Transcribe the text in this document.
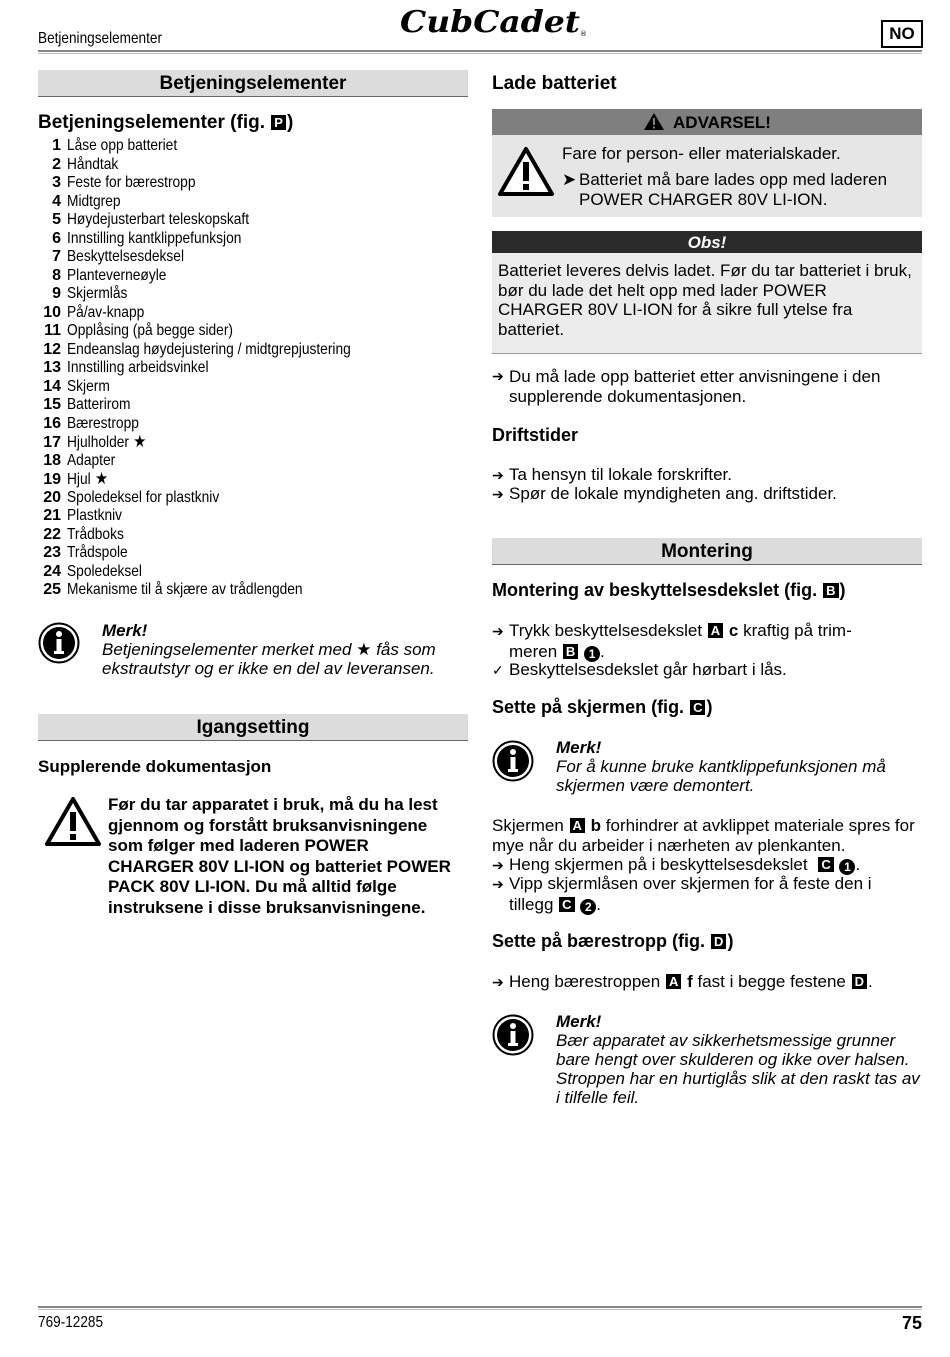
Betjeningselementer	CubCadet ®	NO
Betjeningselementer
Betjeningselementer (fig. P )
1 Låse opp batteriet
2 Håndtak
3 Feste for bærestropp
4 Midtgrep
5 Høydejusterbart teleskopskaft
6 Innstilling kantklippefunksjon
7 Beskyttelsesdeksel
8 Planteverneøyle
9 Skjermlås
10 På/av-knapp
11 Opplåsing (på begge sider)
12 Endeanslag høydejustering / midtgrepjustering
13 Innstilling arbeidsvinkel
14 Skjerm
15 Batterirom
16 Bærestropp
17 Hjulholder ★
18 Adapter
19 Hjul ★
20 Spoledeksel for plastkniv
21 Plastkniv
22 Trådboks
23 Trådspole
24 Spoledeksel
25 Mekanisme til å skjære av trådlengden
Merk!
Betjeningselementer merket med ★ fås som ekstrautstyr og er ikke en del av leveransen.
Igangsetting
Supplerende dokumentasjon
Før du tar apparatet i bruk, må du ha lest gjennom og forstått bruksanvisningene som følger med laderen POWER CHARGER 80V LI-ION og batteriet POWER PACK 80V LI-ION. Du må alltid følge instruksene i disse bruksanvisningene.
Lade batteriet
ADVARSEL!
Fare for person- eller materialskader.
➤ Batteriet må bare lades opp med laderen POWER CHARGER 80V LI-ION.
Obs!
Batteriet leveres delvis ladet. Før du tar batteriet i bruk, bør du lade det helt opp med lader POWER CHARGER 80V LI-ION for å sikre full ytelse fra batteriet.
➔ Du må lade opp batteriet etter anvisningene i den supplerende dokumentasjonen.
Driftstider
➔ Ta hensyn til lokale forskrifter.
➔ Spør de lokale myndigheten ang. driftstider.
Montering
Montering av beskyttelsesdekslet (fig. B )
➔ Trykk beskyttelsesdekslet A c kraftig på trim-
meren B 1 .
✓ Beskyttelsesdekslet går hørbart i lås.
Sette på skjermen (fig. C )
Merk!
For å kunne bruke kantklippefunksjonen må skjermen være demontert.
Skjermen A b forhindrer at avklippet materiale spres for mye når du arbeider i nærheten av plenkanten.
➔ Heng skjermen på i beskyttelsesdekslet C 1 .
➔ Vipp skjermlåsen over skjermen for å feste den i
tillegg C 2 .
Sette på bærestropp (fig. D )
➔ Heng bærestroppen A f fast i begge festene D .
Merk!
Bær apparatet av sikkerhetsmessige grunner bare hengt over skulderen og ikke over halsen. Stroppen har en hurtiglås slik at den raskt tas av i tilfelle feil.
769-12285	75
